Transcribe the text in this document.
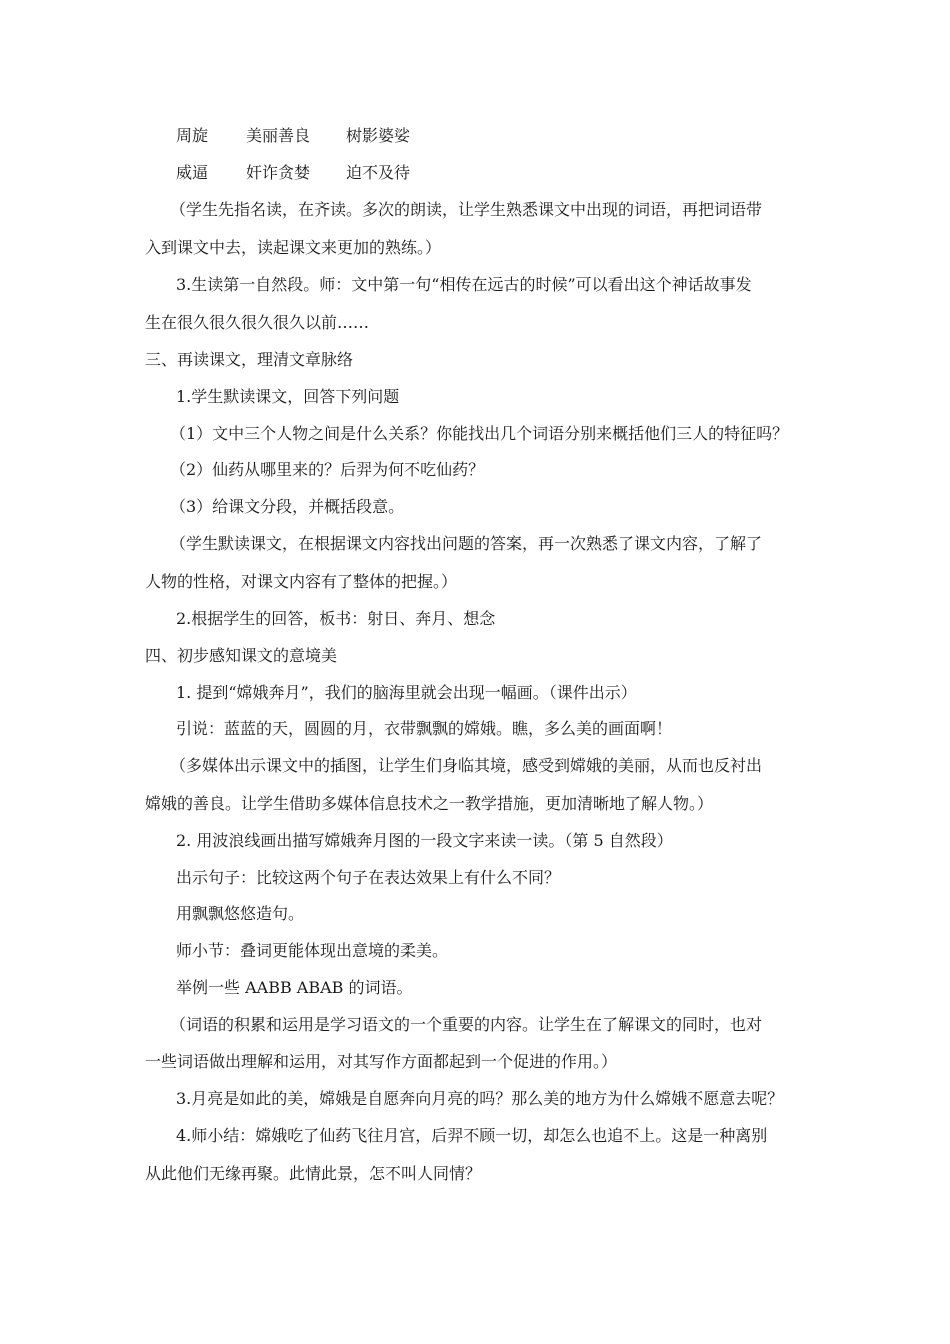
周旋 美丽善良 树影婆娑
威逼 奸诈贪婪 迫不及待
（学生先指名读，在齐读。多次的朗读，让学生熟悉课文中出现的词语，再把词语带
入到课文中去，读起课文来更加的熟练。）
3.生读第一自然段。师：文中第一句“相传在远古的时候”可以看出这个神话故事发
生在很久很久很久很久以前……
三、再读课文，理清文章脉络
1.学生默读课文，回答下列问题
（1）文中三个人物之间是什么关系？你能找出几个词语分别来概括他们三人的特征吗？
（2）仙药从哪里来的？后羿为何不吃仙药？
（3）给课文分段，并概括段意。
（学生默读课文，在根据课文内容找出问题的答案，再一次熟悉了课文内容，了解了
人物的性格，对课文内容有了整体的把握。）
2.根据学生的回答，板书：射日、奔月、想念
四、初步感知课文的意境美
1. 提到“嫦娥奔月”，我们的脑海里就会出现一幅画。（课件出示）
引说：蓝蓝的天，圆圆的月，衣带飘飘的嫦娥。瞧，多么美的画面啊！
（多媒体出示课文中的插图，让学生们身临其境，感受到嫦娥的美丽，从而也反衬出
嫦娥的善良。让学生借助多媒体信息技术之一教学措施，更加清晰地了解人物。）
2. 用波浪线画出描写嫦娥奔月图的一段文字来读一读。（第 5 自然段）
出示句子：比较这两个句子在表达效果上有什么不同？
用飘飘悠悠造句。
师小节：叠词更能体现出意境的柔美。
举例一些 AABB ABAB 的词语。
（词语的积累和运用是学习语文的一个重要的内容。让学生在了解课文的同时，也对
一些词语做出理解和运用，对其写作方面都起到一个促进的作用。）
3.月亮是如此的美，嫦娥是自愿奔向月亮的吗？那么美的地方为什么嫦娥不愿意去呢？
4.师小结：嫦娥吃了仙药飞往月宫，后羿不顾一切，却怎么也追不上。这是一种离别
从此他们无缘再聚。此情此景，怎不叫人同情？
